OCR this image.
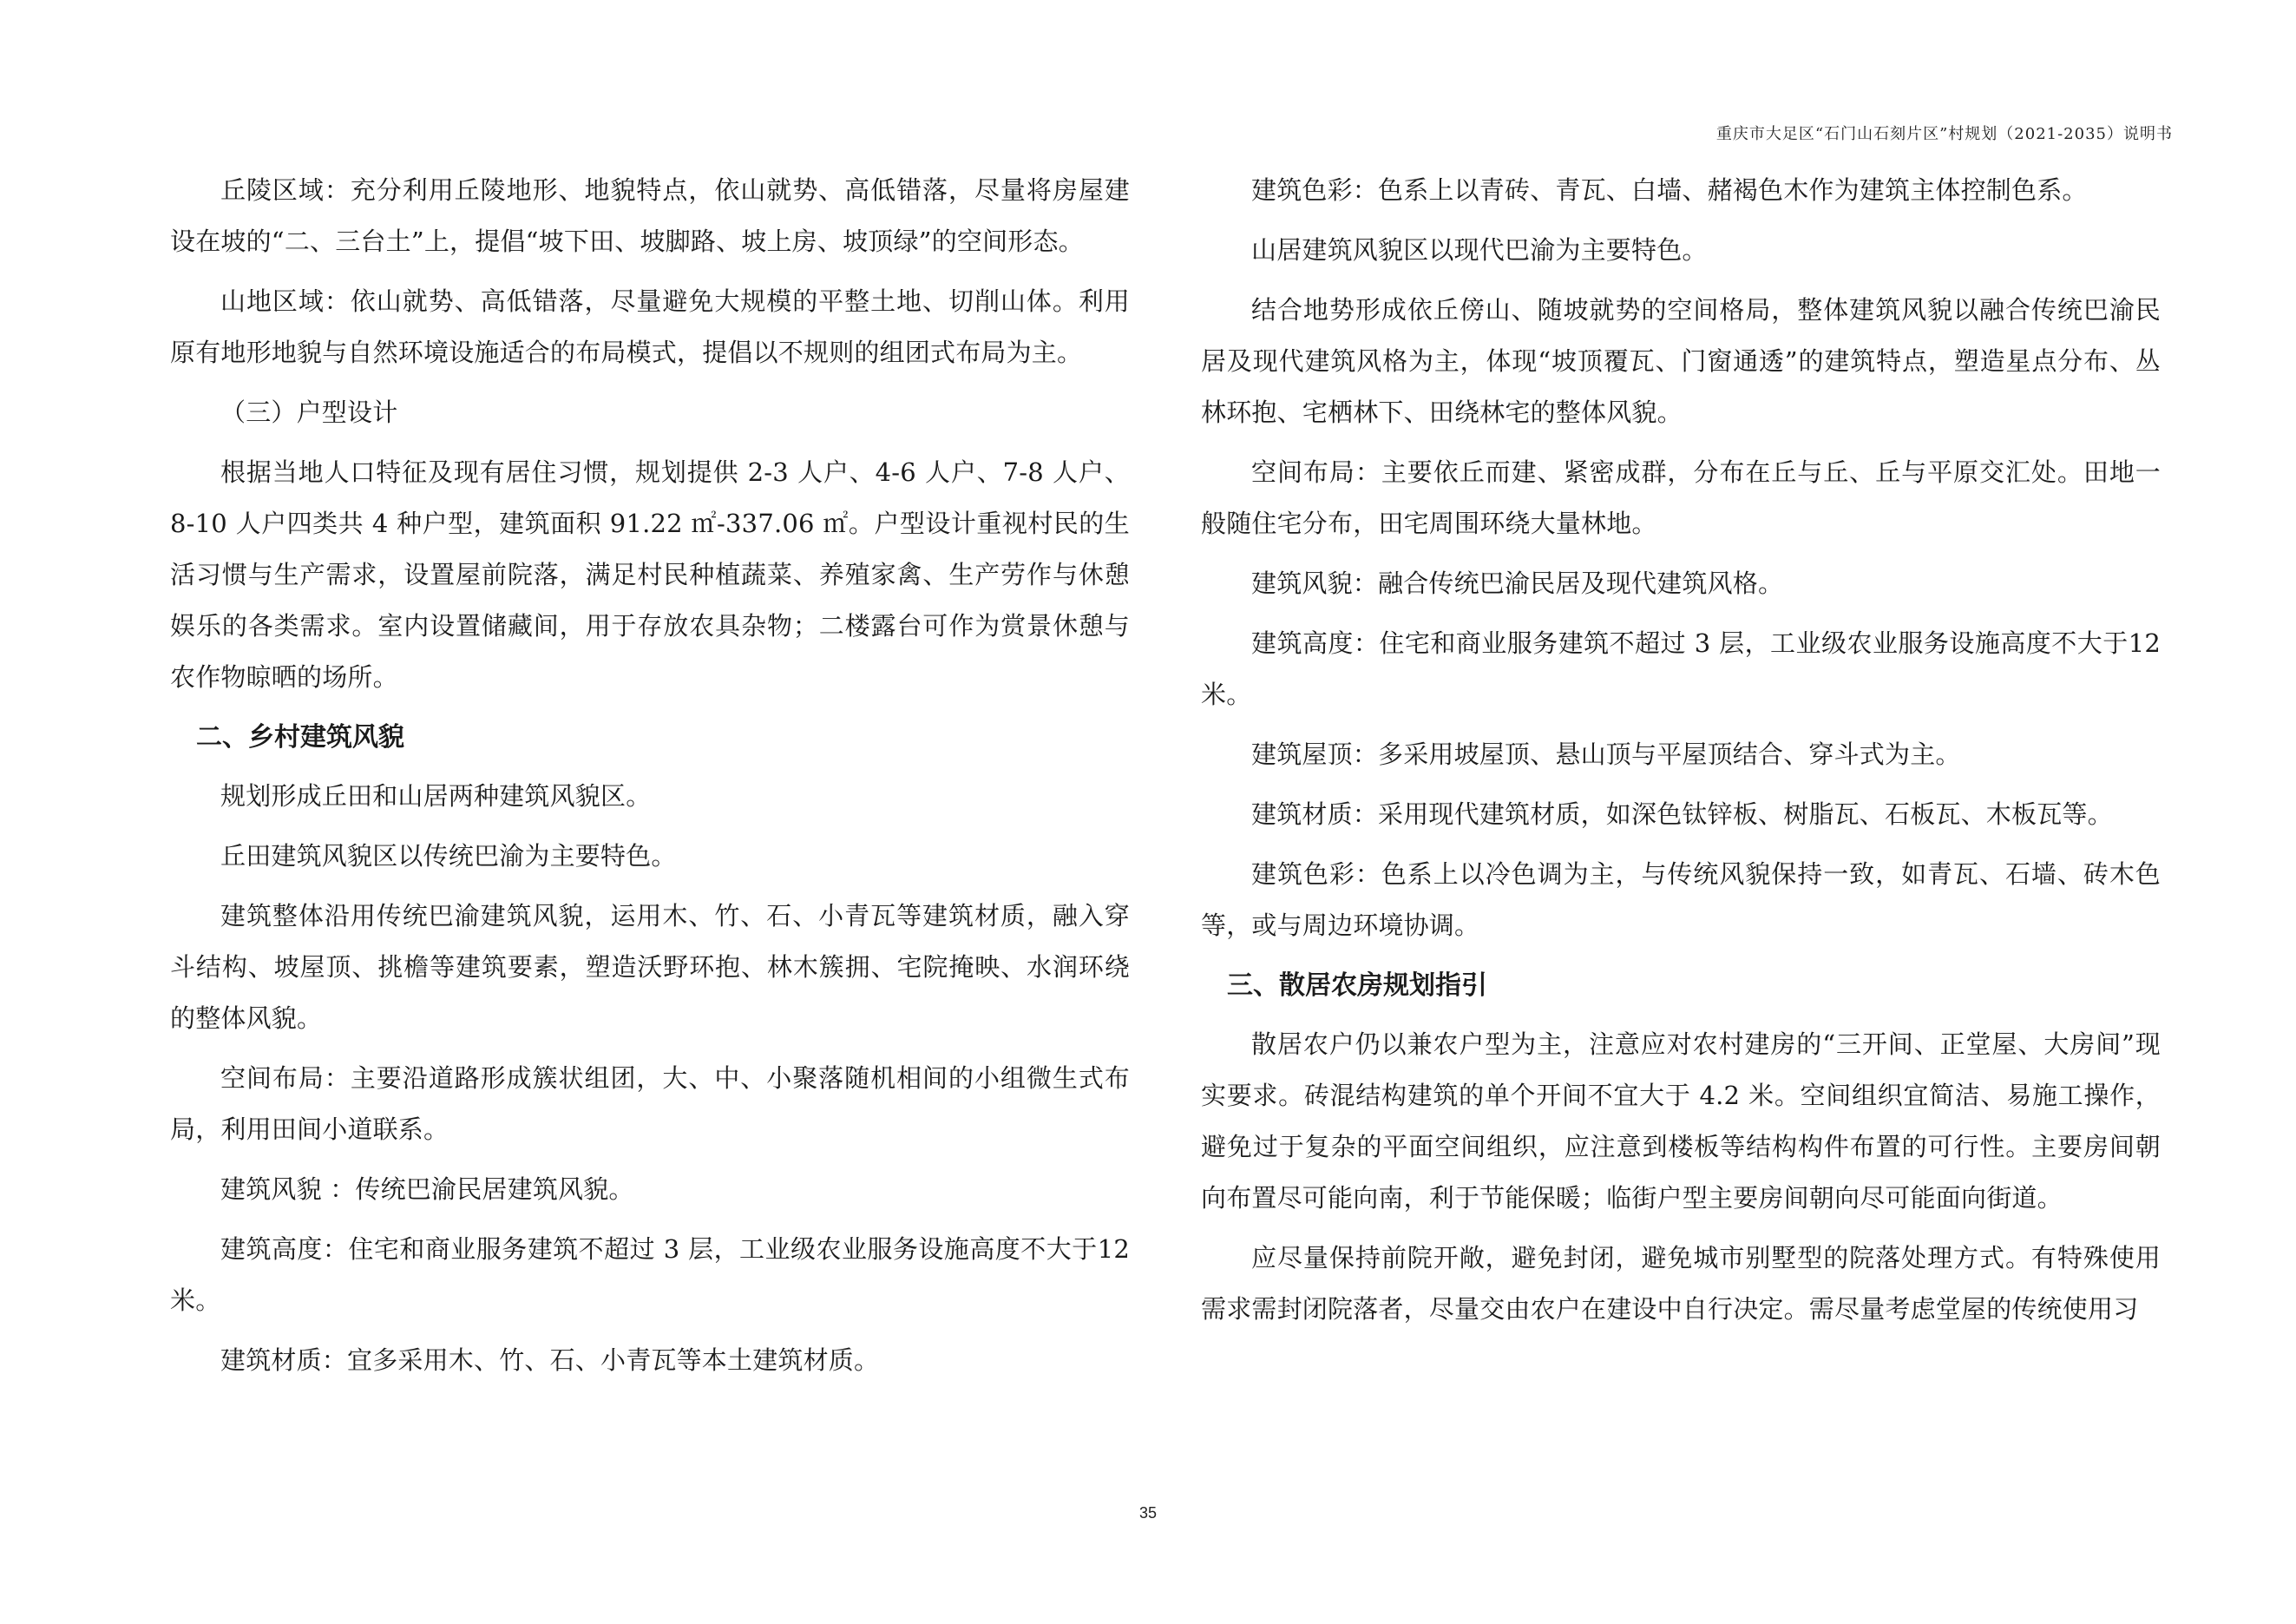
重庆市大足区“石门山石刻片区”村规划（2021-2035）说明书

丘陵区域：充分利用丘陵地形、地貌特点，依山就势、高低错落，尽量将房屋建设在坡的“二、三台土”上，提倡“坡下田、坡脚路、坡上房、坡顶绿”的空间形态。

山地区域：依山就势、高低错落，尽量避免大规模的平整土地、切削山体。利用原有地形地貌与自然环境设施适合的布局模式，提倡以不规则的组团式布局为主。

（三）户型设计

根据当地人口特征及现有居住习惯，规划提供 2-3 人户、4-6 人户、7-8 人户、8-10 人户四类共 4 种户型，建筑面积 91.22 ㎡-337.06 ㎡。户型设计重视村民的生活习惯与生产需求，设置屋前院落，满足村民种植蔬菜、养殖家禽、生产劳作与休憩娱乐的各类需求。室内设置储藏间，用于存放农具杂物；二楼露台可作为赏景休憩与农作物晾晒的场所。

二、乡村建筑风貌

规划形成丘田和山居两种建筑风貌区。

丘田建筑风貌区以传统巴渝为主要特色。

建筑整体沿用传统巴渝建筑风貌，运用木、竹、石、小青瓦等建筑材质，融入穿斗结构、坡屋顶、挑檐等建筑要素，塑造沃野环抱、林木簇拥、宅院掩映、水润环绕的整体风貌。

空间布局：主要沿道路形成簇状组团，大、中、小聚落随机相间的小组微生式布局，利用田间小道联系。

建筑风貌 ：传统巴渝民居建筑风貌。

建筑高度：住宅和商业服务建筑不超过 3 层，工业级农业服务设施高度不大于12 米。

建筑材质：宜多采用木、竹、石、小青瓦等本土建筑材质。

建筑色彩：色系上以青砖、青瓦、白墙、赭褐色木作为建筑主体控制色系。

山居建筑风貌区以现代巴渝为主要特色。

结合地势形成依丘傍山、随坡就势的空间格局，整体建筑风貌以融合传统巴渝民居及现代建筑风格为主，体现“坡顶覆瓦、门窗通透”的建筑特点，塑造星点分布、丛林环抱、宅栖林下、田绕林宅的整体风貌。

空间布局：主要依丘而建、紧密成群，分布在丘与丘、丘与平原交汇处。田地一般随住宅分布，田宅周围环绕大量林地。

建筑风貌：融合传统巴渝民居及现代建筑风格。

建筑高度：住宅和商业服务建筑不超过 3 层，工业级农业服务设施高度不大于12 米。

建筑屋顶：多采用坡屋顶、悬山顶与平屋顶结合、穿斗式为主。

建筑材质：采用现代建筑材质，如深色钛锌板、树脂瓦、石板瓦、木板瓦等。

建筑色彩：色系上以冷色调为主，与传统风貌保持一致，如青瓦、石墙、砖木色等，或与周边环境协调。

三、散居农房规划指引

散居农户仍以兼农户型为主，注意应对农村建房的“三开间、正堂屋、大房间”现实要求。砖混结构建筑的单个开间不宜大于 4.2 米。空间组织宜简洁、易施工操作，避免过于复杂的平面空间组织，应注意到楼板等结构构件布置的可行性。主要房间朝向布置尽可能向南，利于节能保暖；临街户型主要房间朝向尽可能面向街道。

应尽量保持前院开敞，避免封闭，避免城市别墅型的院落处理方式。有特殊使用需求需封闭院落者，尽量交由农户在建设中自行决定。需尽量考虑堂屋的传统使用习

35
